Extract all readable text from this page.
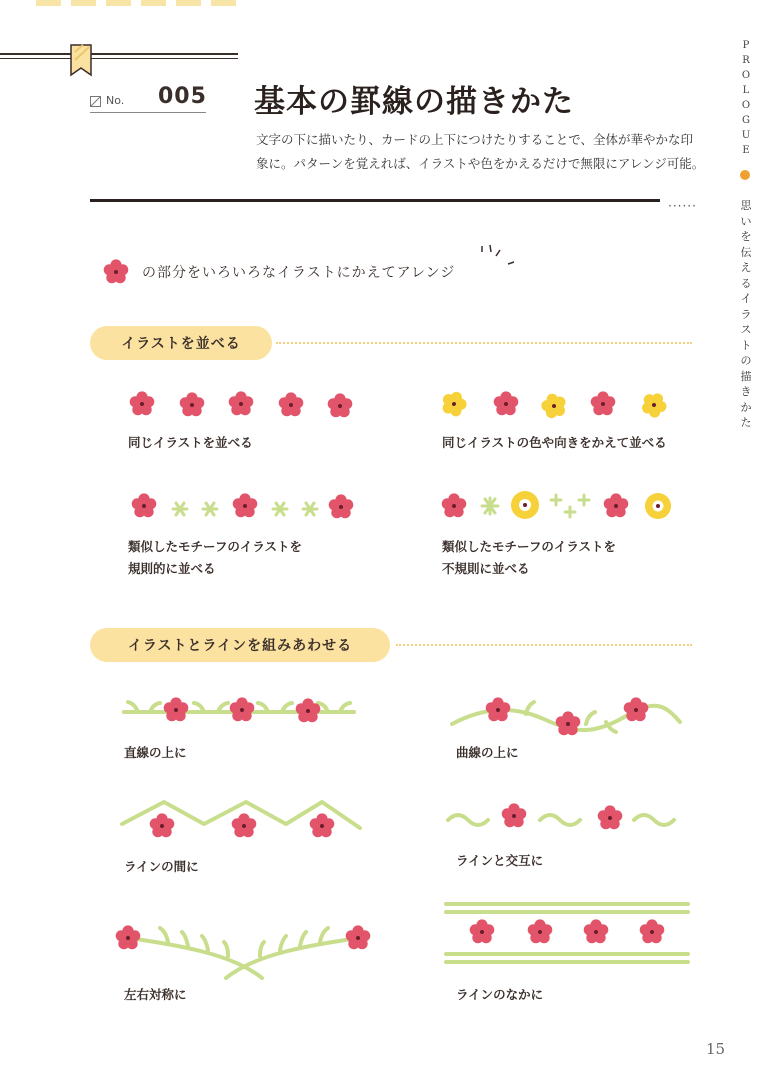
No. 005 基本の罫線の描きかた
文字の下に描いたり、カードの上下につけたりすることで、全体が華やかな印
象に。パターンを覚えれば、イラストや色をかえるだけで無限にアレンジ可能。
······
P
R
O
L
O
G
U
E
思
い
を
伝
え
る
イ
ラ
ス
ト
の
描
き
か
た
の部分をいろいろなイラストにかえてアレンジ
イラストを並べる
同じイラストを並べる	同じイラストの色や向きをかえて並べる
類似したモチーフのイラストを
規則的に並べる
類似したモチーフのイラストを
不規則に並べる
イラストとラインを組みあわせる
直線の上に	曲線の上に
ラインの間に	ラインと交互に
左右対称に	ラインのなかに
15
